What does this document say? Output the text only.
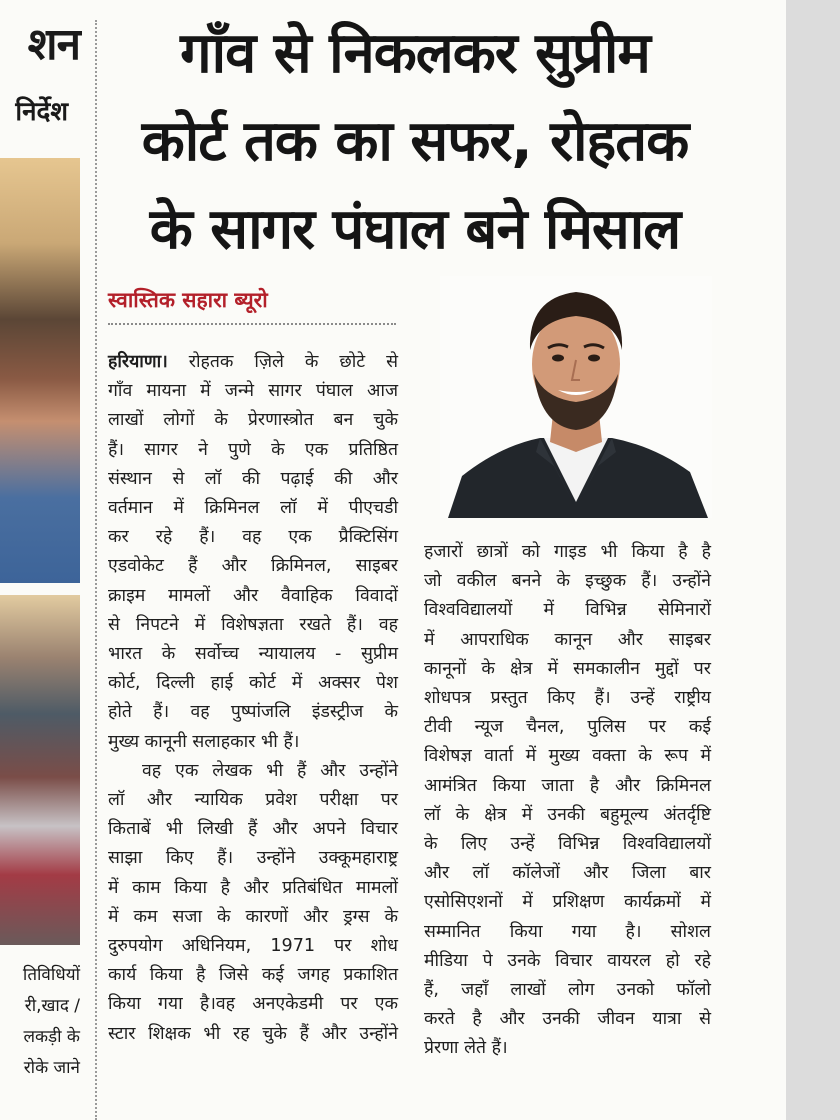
शन
निर्देश
तिविधियों
री,खाद /
लकड़ी के
रोके जाने
गाँव से निकलकर सुप्रीम
कोर्ट तक का सफर, रोहतक
के सागर पंघाल बने मिसाल
स्वास्तिक सहारा ब्यूरो
हरियाणा। रोहतक ज़िले के छोटे से
गाँव मायना में जन्मे सागर पंघाल आज
लाखों लोगों के प्रेरणास्त्रोत बन चुके
हैं। सागर ने पुणे के एक प्रतिष्ठित
संस्थान से लॉ की पढ़ाई की और
वर्तमान में क्रिमिनल लॉ में पीएचडी
कर रहे हैं। वह एक प्रैक्टिसिंग
एडवोकेट हैं और क्रिमिनल, साइबर
क्राइम मामलों और वैवाहिक विवादों
से निपटने में विशेषज्ञता रखते हैं। वह
भारत के सर्वोच्च न्यायालय - सुप्रीम
कोर्ट, दिल्ली हाई कोर्ट में अक्सर पेश
होते हैं। वह पुष्पांजलि इंडस्ट्रीज के
मुख्य कानूनी सलाहकार भी हैं।
वह एक लेखक भी हैं और उन्होंने
लॉ और न्यायिक प्रवेश परीक्षा पर
किताबें भी लिखी हैं और अपने विचार
साझा किए हैं। उन्होंने उक्कूमहाराष्ट्र
में काम किया है और प्रतिबंधित मामलों
में कम सजा के कारणों और ड्रग्स के
दुरुपयोग अधिनियम, 1971 पर शोध
कार्य किया है जिसे कई जगह प्रकाशित
किया गया है।वह अनएकेडमी पर एक
स्टार शिक्षक भी रह चुके हैं और उन्होंने
हजारों छात्रों को गाइड भी किया है है
जो वकील बनने के इच्छुक हैं। उन्होंने
विश्वविद्यालयों में विभिन्न सेमिनारों
में आपराधिक कानून और साइबर
कानूनों के क्षेत्र में समकालीन मुद्दों पर
शोधपत्र प्रस्तुत किए हैं। उन्हें राष्ट्रीय
टीवी न्यूज चैनल, पुलिस पर कई
विशेषज्ञ वार्ता में मुख्य वक्ता के रूप में
आमंत्रित किया जाता है और क्रिमिनल
लॉ के क्षेत्र में उनकी बहुमूल्य अंतर्दृष्टि
के लिए उन्हें विभिन्न विश्वविद्यालयों
और लॉ कॉलेजों और जिला बार
एसोसिएशनों में प्रशिक्षण कार्यक्रमों में
सम्मानित किया गया है। सोशल
मीडिया पे उनके विचार वायरल हो रहे
हैं, जहाँ लाखों लोग उनको फॉलो
करते है और उनकी जीवन यात्रा से
प्रेरणा लेते हैं।
